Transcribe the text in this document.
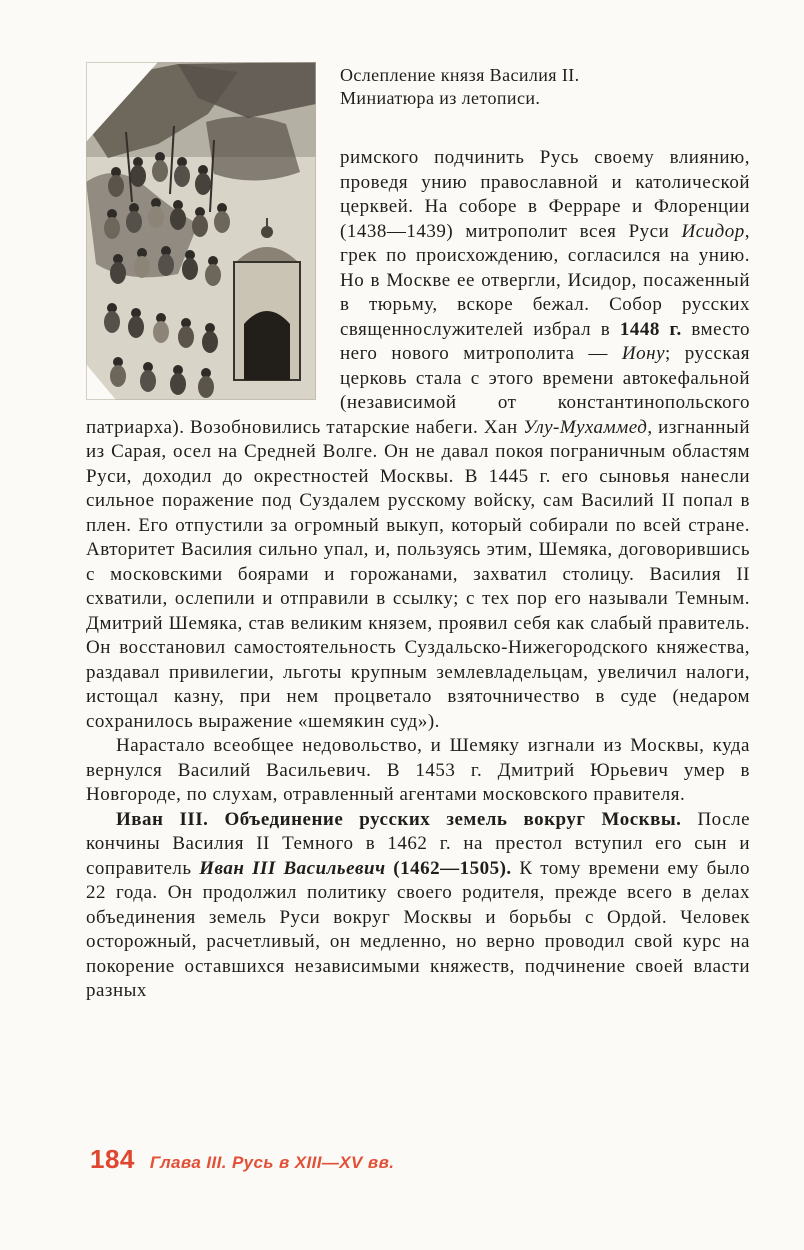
Ослепление князя Василия II.
Миниатюра из летописи.

римского подчинить Русь своему влиянию, проведя унию православной и католической церквей. На соборе в Ферраре и Флоренции (1438—1439) митрополит всея Руси Исидор, грек по происхождению, согласился на унию. Но в Москве ее отвергли, Исидор, посаженный в тюрьму, вскоре бежал. Собор русских священнослужителей избрал в 1448 г. вместо него нового митрополита — Иону; русская церковь стала с этого времени автокефальной (независимой от константинопольского патриарха). Возобновились татарские набеги. Хан Улу-Мухаммед, изгнанный из Сарая, осел на Средней Волге. Он не давал покоя пограничным областям Руси, доходил до окрестностей Москвы. В 1445 г. его сыновья нанесли сильное поражение под Суздалем русскому войску, сам Василий II попал в плен. Его отпустили за огромный выкуп, который собирали по всей стране. Авторитет Василия сильно упал, и, пользуясь этим, Шемяка, договорившись с московскими боярами и горожанами, захватил столицу. Василия II схватили, ослепили и отправили в ссылку; с тех пор его называли Темным. Дмитрий Шемяка, став великим князем, проявил себя как слабый правитель. Он восстановил самостоятельность Суздальско-Нижегородского княжества, раздавал привилегии, льготы крупным землевладельцам, увеличил налоги, истощал казну, при нем процветало взяточничество в суде (недаром сохранилось выражение «шемякин суд»).

Нарастало всеобщее недовольство, и Шемяку изгнали из Москвы, куда вернулся Василий Васильевич. В 1453 г. Дмитрий Юрьевич умер в Новгороде, по слухам, отравленный агентами московского правителя.

Иван III. Объединение русских земель вокруг Москвы. После кончины Василия II Темного в 1462 г. на престол вступил его сын и соправитель Иван III Васильевич (1462—1505). К тому времени ему было 22 года. Он продолжил политику своего родителя, прежде всего в делах объединения земель Руси вокруг Москвы и борьбы с Ордой. Человек осторожный, расчетливый, он медленно, но верно проводил свой курс на покорение оставшихся независимыми княжеств, подчинение своей власти разных

184 Глава III. Русь в XIII—XV вв.
